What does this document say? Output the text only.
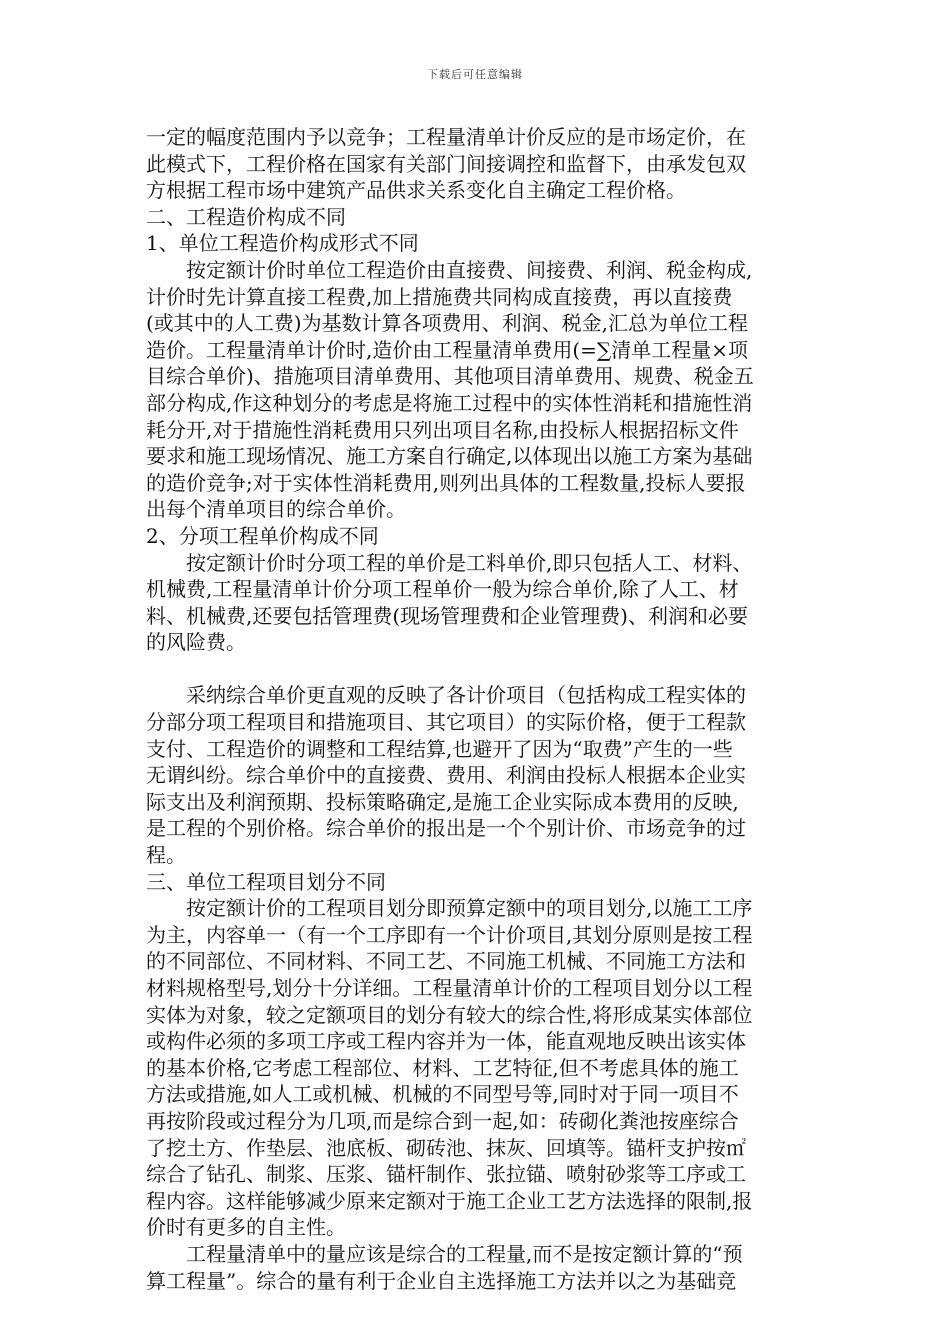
下载后可任意编辑
一定的幅度范围内予以竞争；工程量清单计价反应的是市场定价，在
此模式下，工程价格在国家有关部门间接调控和监督下，由承发包双
方根据工程市场中建筑产品供求关系变化自主确定工程价格。
二、工程造价构成不同
1、单位工程造价构成形式不同
按定额计价时单位工程造价由直接费、间接费、利润、税金构成,
计价时先计算直接工程费,加上措施费共同构成直接费，再以直接费
(或其中的人工费)为基数计算各项费用、利润、税金,汇总为单位工程
造价。工程量清单计价时,造价由工程量清单费用(=∑清单工程量×项
目综合单价)、措施项目清单费用、其他项目清单费用、规费、税金五
部分构成,作这种划分的考虑是将施工过程中的实体性消耗和措施性消
耗分开,对于措施性消耗费用只列出项目名称,由投标人根据招标文件
要求和施工现场情况、施工方案自行确定,以体现出以施工方案为基础
的造价竞争;对于实体性消耗费用,则列出具体的工程数量,投标人要报
出每个清单项目的综合单价。
2、分项工程单价构成不同
按定额计价时分项工程的单价是工料单价,即只包括人工、材料、
机械费,工程量清单计价分项工程单价一般为综合单价,除了人工、材
料、机械费,还要包括管理费(现场管理费和企业管理费)、利润和必要
的风险费。
采纳综合单价更直观的反映了各计价项目（包括构成工程实体的
分部分项工程项目和措施项目、其它项目）的实际价格，便于工程款
支付、工程造价的调整和工程结算,也避开了因为“取费”产生的一些
无谓纠纷。综合单价中的直接费、费用、利润由投标人根据本企业实
际支出及利润预期、投标策略确定,是施工企业实际成本费用的反映,
是工程的个别价格。综合单价的报出是一个个别计价、市场竞争的过
程。
三、单位工程项目划分不同
按定额计价的工程项目划分即预算定额中的项目划分,以施工工序
为主，内容单一（有一个工序即有一个计价项目,其划分原则是按工程
的不同部位、不同材料、不同工艺、不同施工机械、不同施工方法和
材料规格型号,划分十分详细。工程量清单计价的工程项目划分以工程
实体为对象，较之定额项目的划分有较大的综合性,将形成某实体部位
或构件必须的多项工序或工程内容并为一体，能直观地反映出该实体
的基本价格,它考虑工程部位、材料、工艺特征,但不考虑具体的施工
方法或措施,如人工或机械、机械的不同型号等,同时对于同一项目不
再按阶段或过程分为几项,而是综合到一起,如：砖砌化粪池按座综合
了挖土方、作垫层、池底板、砌砖池、抹灰、回填等。锚杆支护按㎡
综合了钻孔、制浆、压浆、锚杆制作、张拉锚、喷射砂浆等工序或工
程内容。这样能够减少原来定额对于施工企业工艺方法选择的限制,报
价时有更多的自主性。
工程量清单中的量应该是综合的工程量,而不是按定额计算的“预
算工程量”。综合的量有利于企业自主选择施工方法并以之为基础竞
